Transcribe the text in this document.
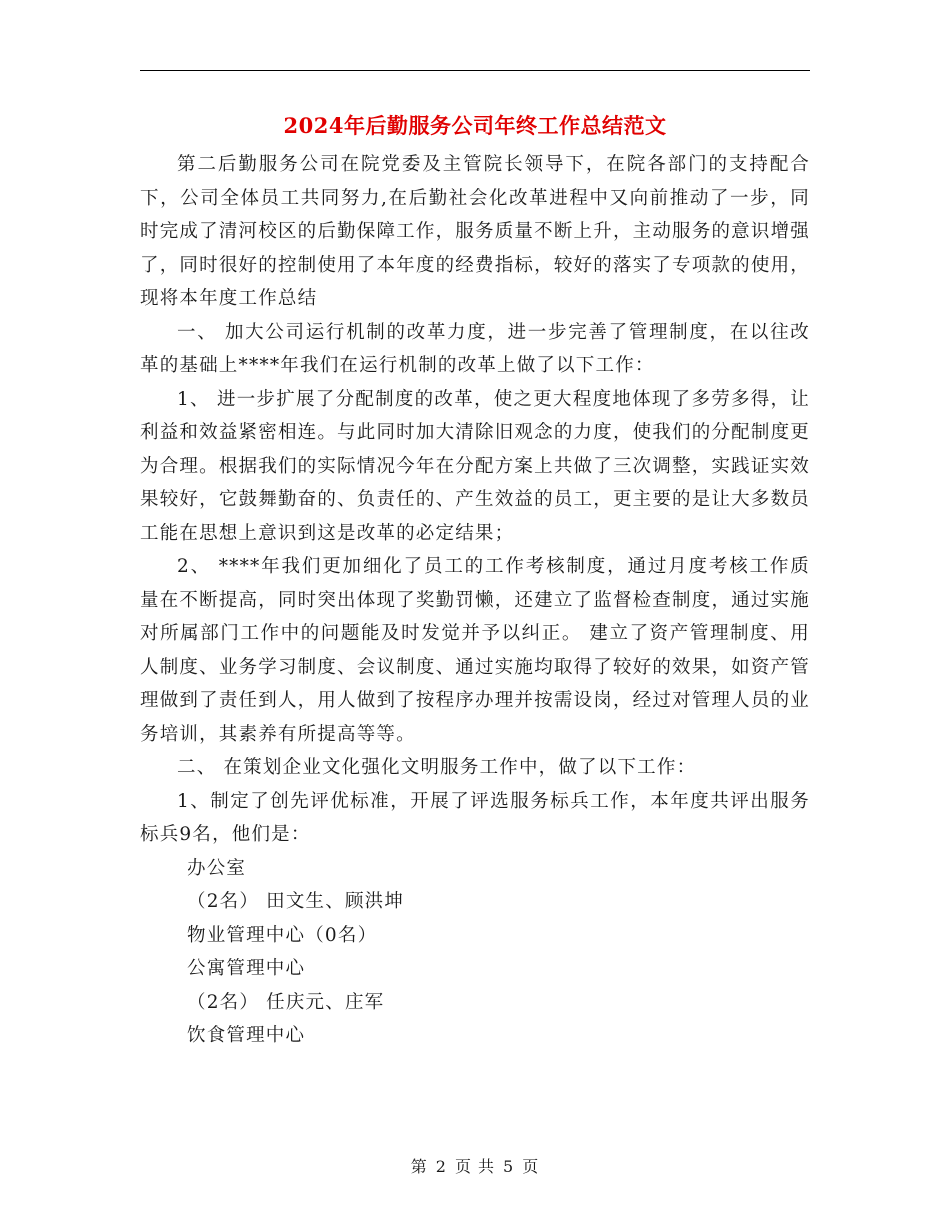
2024年后勤服务公司年终工作总结范文

第二后勤服务公司在院党委及主管院长领导下，在院各部门的支持配合下，公司全体员工共同努力,在后勤社会化改革进程中又向前推动了一步，同时完成了清河校区的后勤保障工作，服务质量不断上升，主动服务的意识增强了，同时很好的控制使用了本年度的经费指标，较好的落实了专项款的使用，现将本年度工作总结

一、 加大公司运行机制的改革力度，进一步完善了管理制度，在以往改革的基础上****年我们在运行机制的改革上做了以下工作：

1、 进一步扩展了分配制度的改革，使之更大程度地体现了多劳多得，让利益和效益紧密相连。与此同时加大清除旧观念的力度，使我们的分配制度更为合理。根据我们的实际情况今年在分配方案上共做了三次调整，实践证实效果较好，它鼓舞勤奋的、负责任的、产生效益的员工，更主要的是让大多数员工能在思想上意识到这是改革的必定结果；

2、 ****年我们更加细化了员工的工作考核制度，通过月度考核工作质量在不断提高，同时突出体现了奖勤罚懒，还建立了监督检查制度，通过实施对所属部门工作中的问题能及时发觉并予以纠正。 建立了资产管理制度、用人制度、业务学习制度、会议制度、通过实施均取得了较好的效果，如资产管理做到了责任到人，用人做到了按程序办理并按需设岗，经过对管理人员的业务培训，其素养有所提高等等。

二、 在策划企业文化强化文明服务工作中，做了以下工作：

1、制定了创先评优标准，开展了评选服务标兵工作，本年度共评出服务标兵9名，他们是：

办公室

（2名） 田文生、顾洪坤

物业管理中心（0名）

公寓管理中心

（2名） 任庆元、庄军

饮食管理中心

第 2 页 共 5 页
